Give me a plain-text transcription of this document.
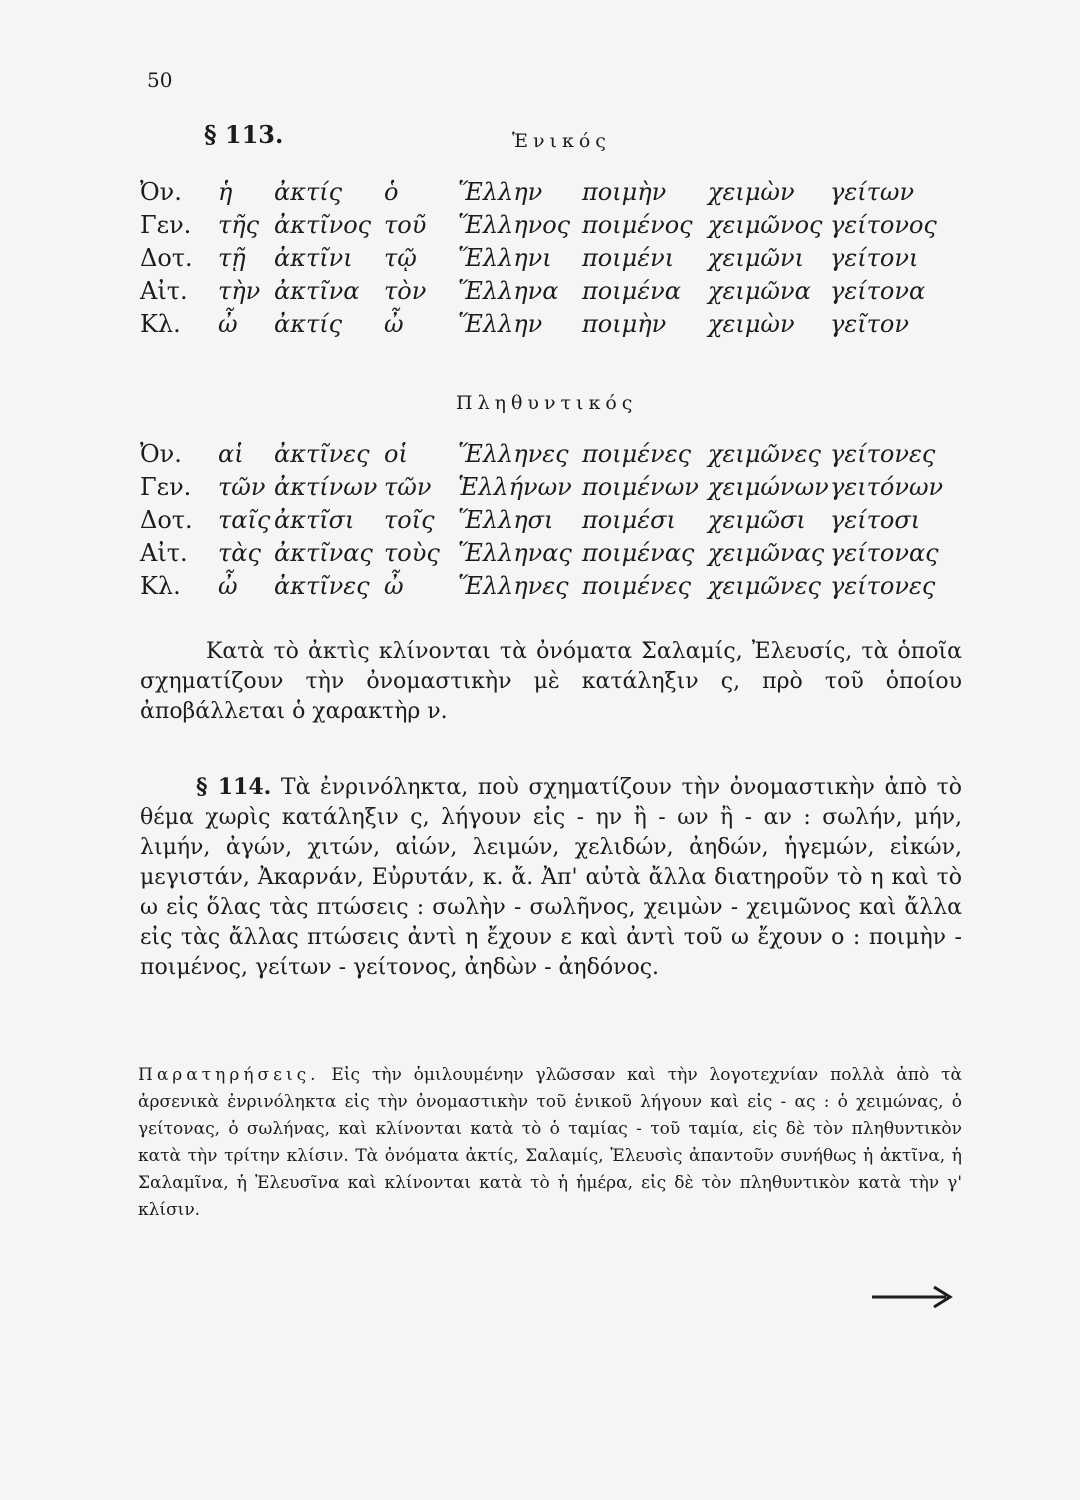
50
§ 113.	Ἑνικός
Ὀν. ἡ ἀκτίς ὁ Ἕλλην ποιμὴν χειμὼν γείτων
Γεν. τῆς ἀκτῖνος τοῦ Ἕλληνος ποιμένος χειμῶνος γείτονος
Δοτ. τῇ ἀκτῖνι τῷ Ἕλληνι ποιμένι χειμῶνι γείτονι
Αἰτ. τὴν ἀκτῖνα τὸν Ἕλληνα ποιμένα χειμῶνα γείτονα
Κλ. ὦ ἀκτίς ὦ Ἕλλην ποιμὴν χειμὼν γεῖτον
Πληθυντικός
Ὀν. αἱ ἀκτῖνες οἱ Ἕλληνες ποιμένες χειμῶνες γείτονες
Γεν. τῶν ἀκτίνων τῶν Ἑλλήνων ποιμένων χειμώνων γειτόνων
Δοτ. ταῖς ἀκτῖσι τοῖς Ἕλλησι ποιμέσι χειμῶσι γείτοσι
Αἰτ. τὰς ἀκτῖνας τοὺς Ἕλληνας ποιμένας χειμῶνας γείτονας
Κλ. ὦ ἀκτῖνες ὦ Ἕλληνες ποιμένες χειμῶνες γείτονες

Κατὰ τὸ ἀκτὶς κλίνονται τὰ ὀνόματα Σαλαμίς, Ἐλευσίς, τὰ ὁποῖα σχηματίζουν τὴν ὀνομαστικὴν μὲ κατάληξιν ς, πρὸ τοῦ ὁποίου ἀποβάλλεται ὁ χαρακτὴρ ν.

§ 114. Τὰ ἐνρινόληκτα, ποὺ σχηματίζουν τὴν ὀνομαστικὴν ἀπὸ τὸ θέμα χωρὶς κατάληξιν ς, λήγουν εἰς - ην ἢ - ων ἢ - αν : σωλήν, μήν, λιμήν, ἀγών, χιτών, αἰών, λειμών, χελιδών, ἀηδών, ἡγεμών, εἰκών, μεγιστάν, Ἀκαρνάν, Εὐρυτάν, κ. ἄ. Ἀπ' αὐτὰ ἄλλα διατηροῦν τὸ η καὶ τὸ ω εἰς ὅλας τὰς πτώσεις : σωλὴν - σωλῆνος, χειμὼν - χειμῶνος καὶ ἄλλα εἰς τὰς ἄλλας πτώσεις ἀντὶ η ἔχουν ε καὶ ἀντὶ τοῦ ω ἔχουν ο : ποιμὴν - ποιμένος, γείτων - γείτονος, ἀηδὼν - ἀηδόνος.

Παρατηρήσεις. Εἰς τὴν ὁμιλουμένην γλῶσσαν καὶ τὴν λογοτεχνίαν πολλὰ ἀπὸ τὰ ἀρσενικὰ ἐνρινόληκτα εἰς τὴν ὀνομαστικὴν τοῦ ἑνικοῦ λήγουν καὶ εἰς - ας : ὁ χειμώνας, ὁ γείτονας, ὁ σωλήνας, καὶ κλίνονται κατὰ τὸ ὁ ταμίας - τοῦ ταμία, εἰς δὲ τὸν πληθυντικὸν κατὰ τὴν τρίτην κλίσιν. Τὰ ὀνόματα ἀκτίς, Σαλαμίς, Ἐλευσὶς ἀπαντοῦν συνήθως ἡ ἀκτῖνα, ἡ Σαλαμῖνα, ἡ Ἐλευσῖνα καὶ κλίνονται κατὰ τὸ ἡ ἡμέρα, εἰς δὲ τὸν πληθυντικὸν κατὰ τὴν γ' κλίσιν.
